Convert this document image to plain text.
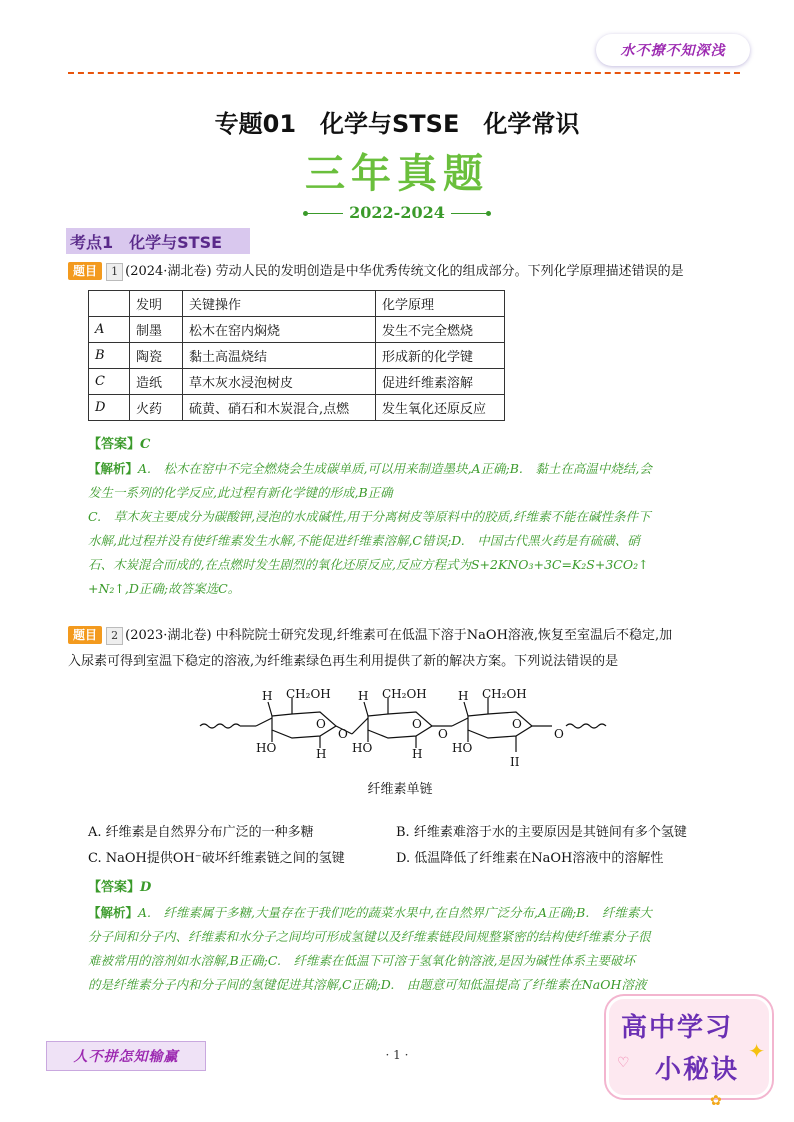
水不撩不知深浅
专题01　化学与STSE　化学常识
三年真题
2022-2024
考点1　化学与STSE
题目 1 (2024·湖北卷) 劳动人民的发明创造是中华优秀传统文化的组成部分。下列化学原理描述错误的是
	发明	关键操作	化学原理
A	制墨	松木在窑内焖烧	发生不完全燃烧
B	陶瓷	黏土高温烧结	形成新的化学键
C	造纸	草木灰水浸泡树皮	促进纤维素溶解
D	火药	硫黄、硝石和木炭混合,点燃	发生氧化还原反应
【答案】C
【解析】A.　松木在窑中不完全燃烧会生成碳单质,可以用来制造墨块,A正确;B.　黏土在高温中烧结,会
发生一系列的化学反应,此过程有新化学键的形成,B正确
C.　草木灰主要成分为碳酸钾,浸泡的水成碱性,用于分离树皮等原料中的胶质,纤维素不能在碱性条件下
水解,此过程并没有使纤维素发生水解,不能促进纤维素溶解,C错误;D.　中国古代黑火药是有硫磺、硝
石、木炭混合而成的,在点燃时发生剧烈的氧化还原反应,反应方程式为S+2KNO₃+3C=K₂S+3CO₂↑
+N₂↑,D正确;故答案选C。
题目 2 (2023·湖北卷) 中科院院士研究发现,纤维素可在低温下溶于NaOH溶液,恢复至室温后不稳定,加
入尿素可得到室温下稳定的溶液,为纤维素绿色再生利用提供了新的解决方案。下列说法错误的是
H CH₂OH
O
HO	H
O
H CH₂OH
O
HO	H
O
H CH₂OH
O
HO
II
O
纤维素单链
A. 纤维素是自然界分布广泛的一种多糖	B. 纤维素难溶于水的主要原因是其链间有多个氢键
C. NaOH提供OH⁻破坏纤维素链之间的氢键	D. 低温降低了纤维素在NaOH溶液中的溶解性
【答案】D
【解析】A.　纤维素属于多糖,大量存在于我们吃的蔬菜水果中,在自然界广泛分布,A正确;B.　纤维素大
分子间和分子内、纤维素和水分子之间均可形成氢键以及纤维素链段间规整紧密的结构使纤维素分子很
难被常用的溶剂如水溶解,B正确;C.　纤维素在低温下可溶于氢氧化钠溶液,是因为碱性体系主要破坏
的是纤维素分子内和分子间的氢键促进其溶解,C正确;D.　由题意可知低温提高了纤维素在NaOH溶液
人不拼怎知输赢	· 1 ·
高中学习
小秘诀
✦
♡
✿
